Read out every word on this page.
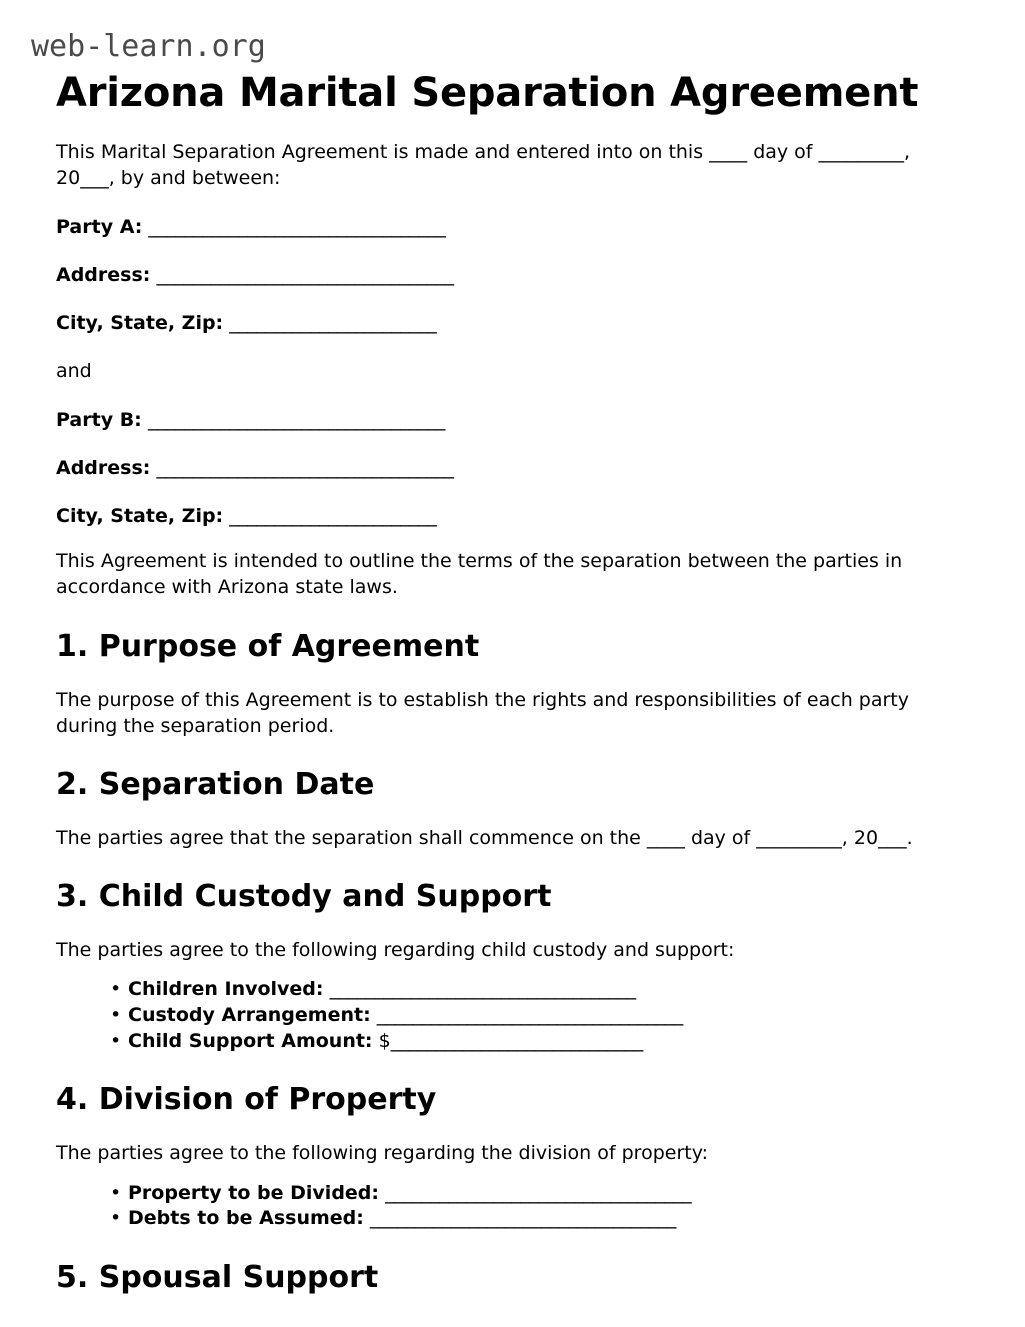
web-learn.org
Arizona Marital Separation Agreement

This Marital Separation Agreement is made and entered into on this ____ day of _________, 20___, by and between:

Party A: _________________________________
Address: _________________________________
City, State, Zip: _______________________
and
Party B: _________________________________
Address: _________________________________
City, State, Zip: _______________________

This Agreement is intended to outline the terms of the separation between the parties in accordance with Arizona state laws.

1. Purpose of Agreement

The purpose of this Agreement is to establish the rights and responsibilities of each party during the separation period.

2. Separation Date

The parties agree that the separation shall commence on the ____ day of _________, 20___.

3. Child Custody and Support

The parties agree to the following regarding child custody and support:

• Children Involved: __________________________________
• Custody Arrangement: __________________________________
• Child Support Amount: $____________________________
4. Division of Property

The parties agree to the following regarding the division of property:

• Property to be Divided: __________________________________
• Debts to be Assumed: __________________________________
5. Spousal Support
